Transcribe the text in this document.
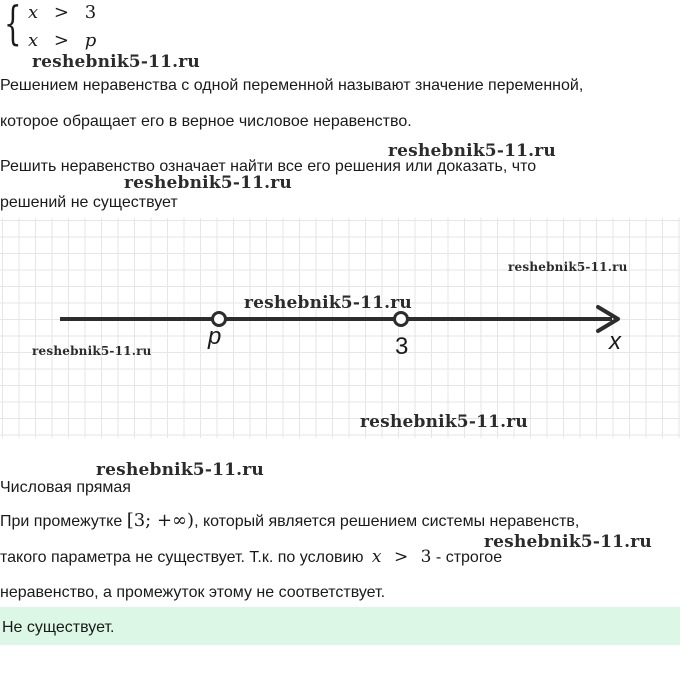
{ x > 3
x > p
Решением неравенства с одной переменной называют значение переменной,
которое обращает его в верное числовое неравенство.
Решить неравенство означает найти все его решения или доказать, что
решений не существует
p	3	x
Числовая прямая
При промежутке [3; +∞), который является решением системы неравенств,
такого параметра не существует. Т.к. по условию x > 3 - строгое
неравенство, а промежуток этому не соответствует.
Не существует.
reshebnik5-11.ru
reshebnik5-11.ru
reshebnik5-11.ru
reshebnik5-11.ru
reshebnik5-11.ru
reshebnik5-11.ru
reshebnik5-11.ru
reshebnik5-11.ru
reshebnik5-11.ru
